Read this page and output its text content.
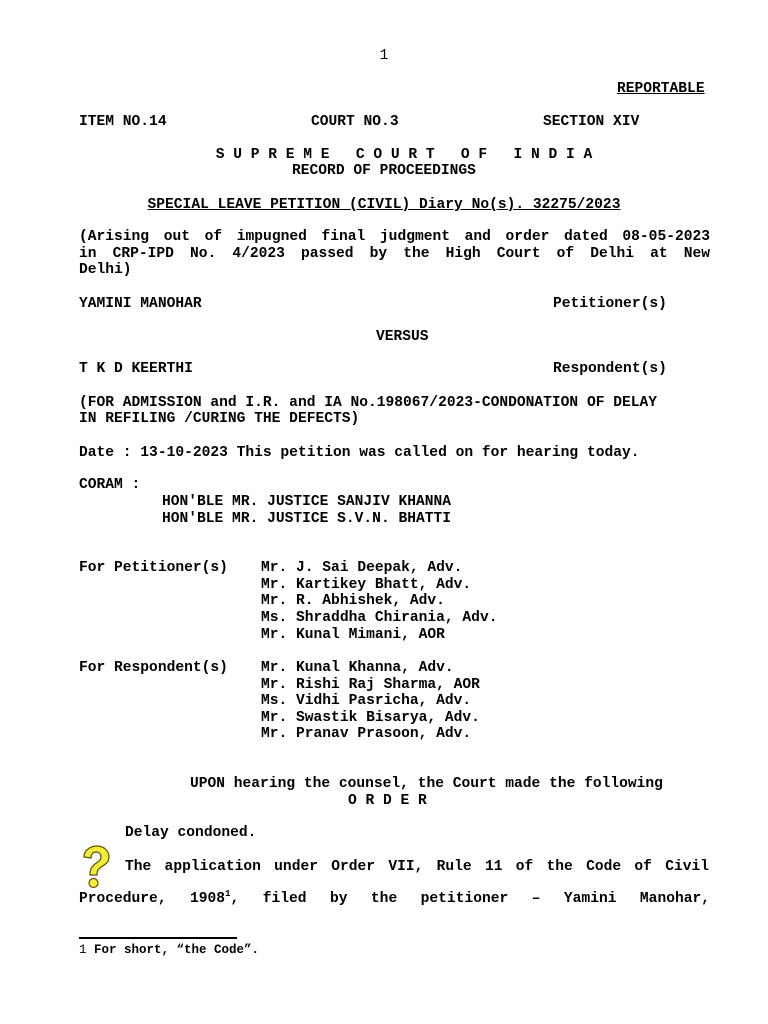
1
REPORTABLE
ITEM NO.14	COURT NO.3	SECTION XIV
S U P R E M E   C O U R T   O F   I N D I A
RECORD OF PROCEEDINGS
SPECIAL LEAVE PETITION (CIVIL) Diary No(s). 32275/2023
(Arising out of impugned final judgment and order dated 08-05-2023
in CRP-IPD No. 4/2023 passed by the High Court of Delhi at New
Delhi)
YAMINI MANOHAR	Petitioner(s)
VERSUS
T K D KEERTHI	Respondent(s)
(FOR ADMISSION and I.R. and IA No.198067/2023-CONDONATION OF DELAY
IN REFILING /CURING THE DEFECTS)
Date : 13-10-2023 This petition was called on for hearing today.
CORAM :
HON'BLE MR. JUSTICE SANJIV KHANNA
HON'BLE MR. JUSTICE S.V.N. BHATTI
For Petitioner(s) Mr. J. Sai Deepak, Adv.
Mr. Kartikey Bhatt, Adv.
Mr. R. Abhishek, Adv.
Ms. Shraddha Chirania, Adv.
Mr. Kunal Mimani, AOR
For Respondent(s) Mr. Kunal Khanna, Adv.
Mr. Rishi Raj Sharma, AOR
Ms. Vidhi Pasricha, Adv.
Mr. Swastik Bisarya, Adv.
Mr. Pranav Prasoon, Adv.
UPON hearing the counsel, the Court made the following
O R D E R
Delay condoned.
The application under Order VII, Rule 11 of the Code of Civil
Procedure, 1908$^1$, filed by the petitioner – Yamini Manohar,
1 For short, “the Code”.
